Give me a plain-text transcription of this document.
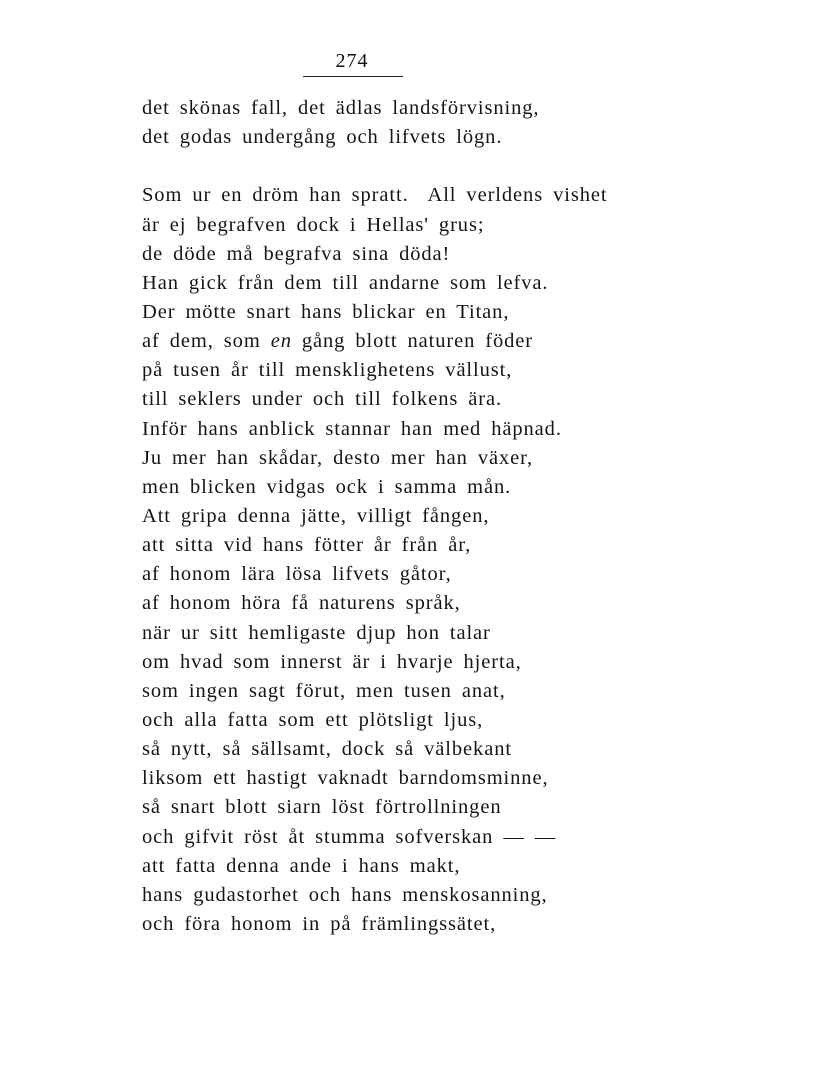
274
det skönas fall, det ädlas landsförvisning,
det godas undergång och lifvets lögn.
Som ur en dröm han spratt.  All verldens vishet
är ej begrafven dock i Hellas' grus;
de döde må begrafva sina döda!
Han gick från dem till andarne som lefva.
Der mötte snart hans blickar en Titan,
af dem, som en gång blott naturen föder
på tusen år till mensklighetens vällust,
till seklers under och till folkens ära.
Inför hans anblick stannar han med häpnad.
Ju mer han skådar, desto mer han växer,
men blicken vidgas ock i samma mån.
Att gripa denna jätte, villigt fången,
att sitta vid hans fötter år från år,
af honom lära lösa lifvets gåtor,
af honom höra få naturens språk,
när ur sitt hemligaste djup hon talar
om hvad som innerst är i hvarje hjerta,
som ingen sagt förut, men tusen anat,
och alla fatta som ett plötsligt ljus,
så nytt, så sällsamt, dock så välbekant
liksom ett hastigt vaknadt barndomsminne,
så snart blott siarn löst förtrollningen
och gifvit röst åt stumma sofverskan — —
att fatta denna ande i hans makt,
hans gudastorhet och hans menskosanning,
och föra honom in på främlingssätet,
